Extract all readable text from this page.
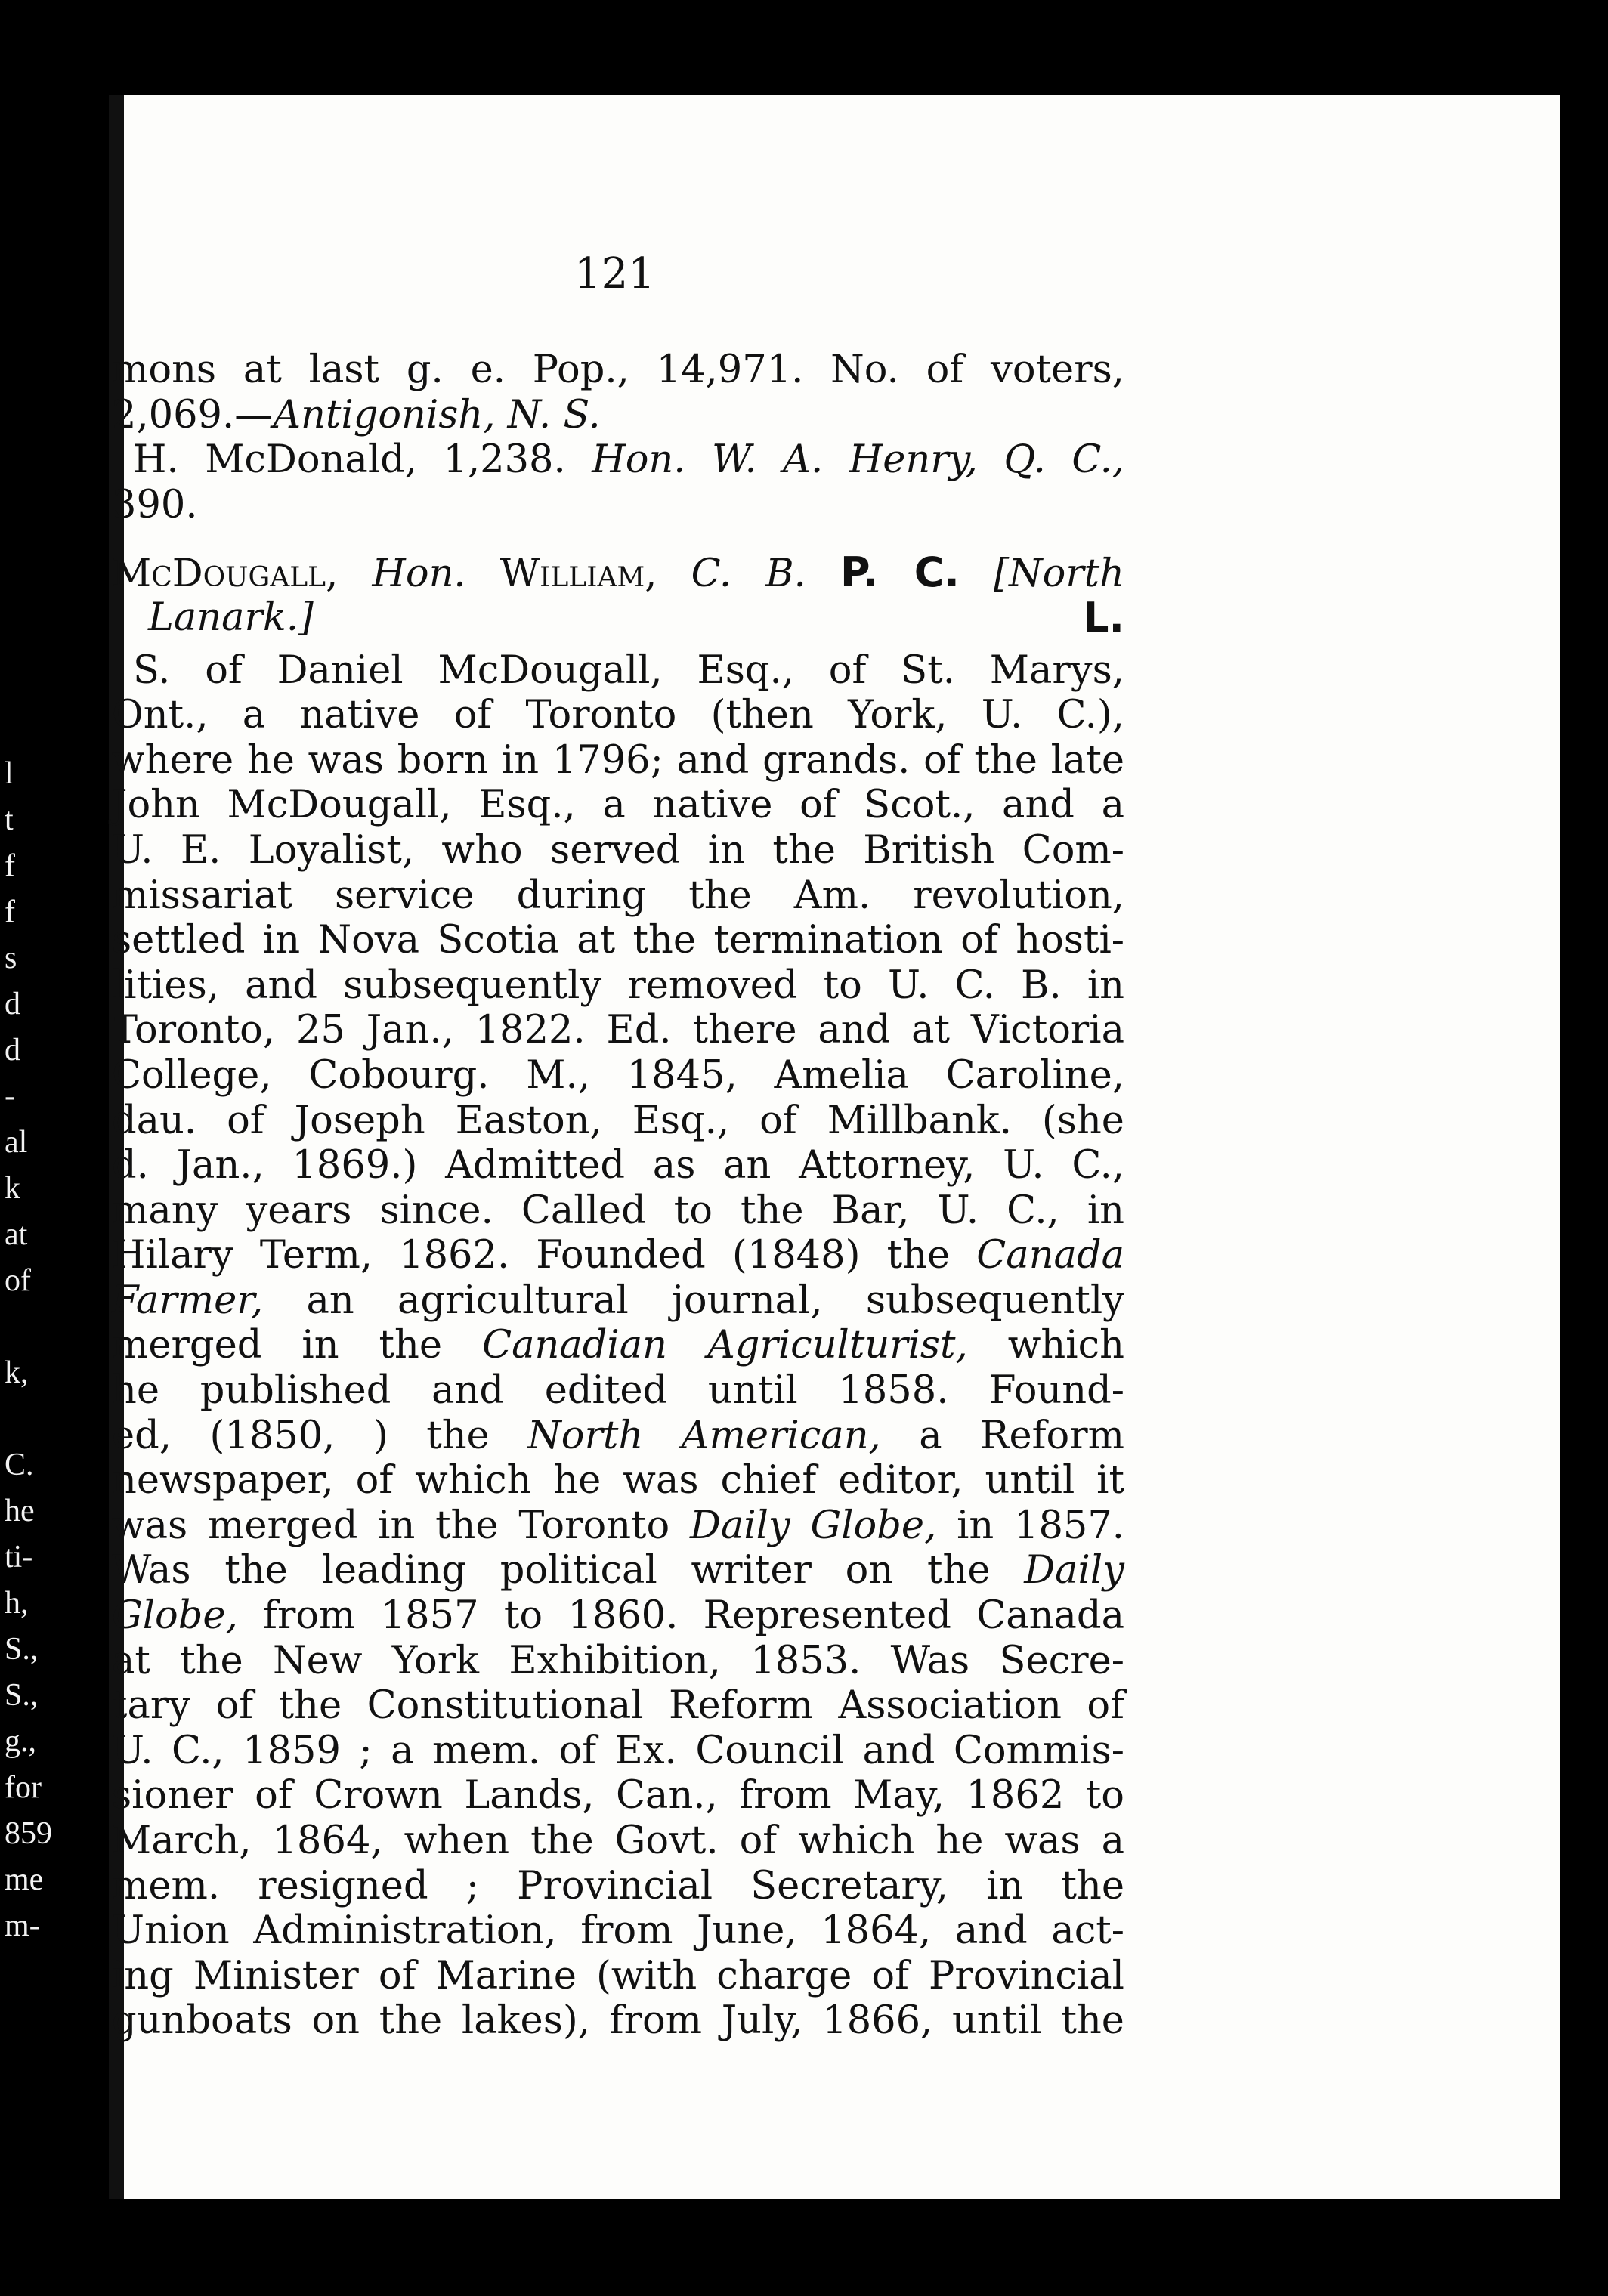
l
t
f
f
s
d
d
-
al
k
at
of
k,
C.
he
ti-
h,
S.,
S.,
g.,
for
859
me
m-
121
mons at last g. e. Pop., 14,971. No. of voters,
2,069.—Antigonish, N. S.
H. McDonald, 1,238. Hon. W. A. Henry, Q. C.,
390.
McDougall, Hon. William, C. B. P. C. [North
Lanark.]	L.
S. of Daniel McDougall, Esq., of St. Marys,
Ont., a native of Toronto (then York, U. C.),
where he was born in 1796; and grands. of the late
John McDougall, Esq., a native of Scot., and a
U. E. Loyalist, who served in the British Com-
missariat service during the Am. revolution,
settled in Nova Scotia at the termination of hosti-
lities, and subsequently removed to U. C. B. in
Toronto, 25 Jan., 1822. Ed. there and at Victoria
College, Cobourg. M., 1845, Amelia Caroline,
dau. of Joseph Easton, Esq., of Millbank. (she
d. Jan., 1869.) Admitted as an Attorney, U. C.,
many years since. Called to the Bar, U. C., in
Hilary Term, 1862. Founded (1848) the Canada
Farmer, an agricultural journal, subsequently
merged in the Canadian Agriculturist, which
he published and edited until 1858. Found-
ed, (1850, ) the North American, a Reform
newspaper, of which he was chief editor, until it
was merged in the Toronto Daily Globe, in 1857.
Was the leading political writer on the Daily
Globe, from 1857 to 1860. Represented Canada
at the New York Exhibition, 1853. Was Secre-
tary of the Constitutional Reform Association of
U. C., 1859 ; a mem. of Ex. Council and Commis-
sioner of Crown Lands, Can., from May, 1862 to
March, 1864, when the Govt. of which he was a
mem. resigned ; Provincial Secretary, in the
Union Administration, from June, 1864, and act-
ing Minister of Marine (with charge of Provincial
gunboats on the lakes), from July, 1866, until the
